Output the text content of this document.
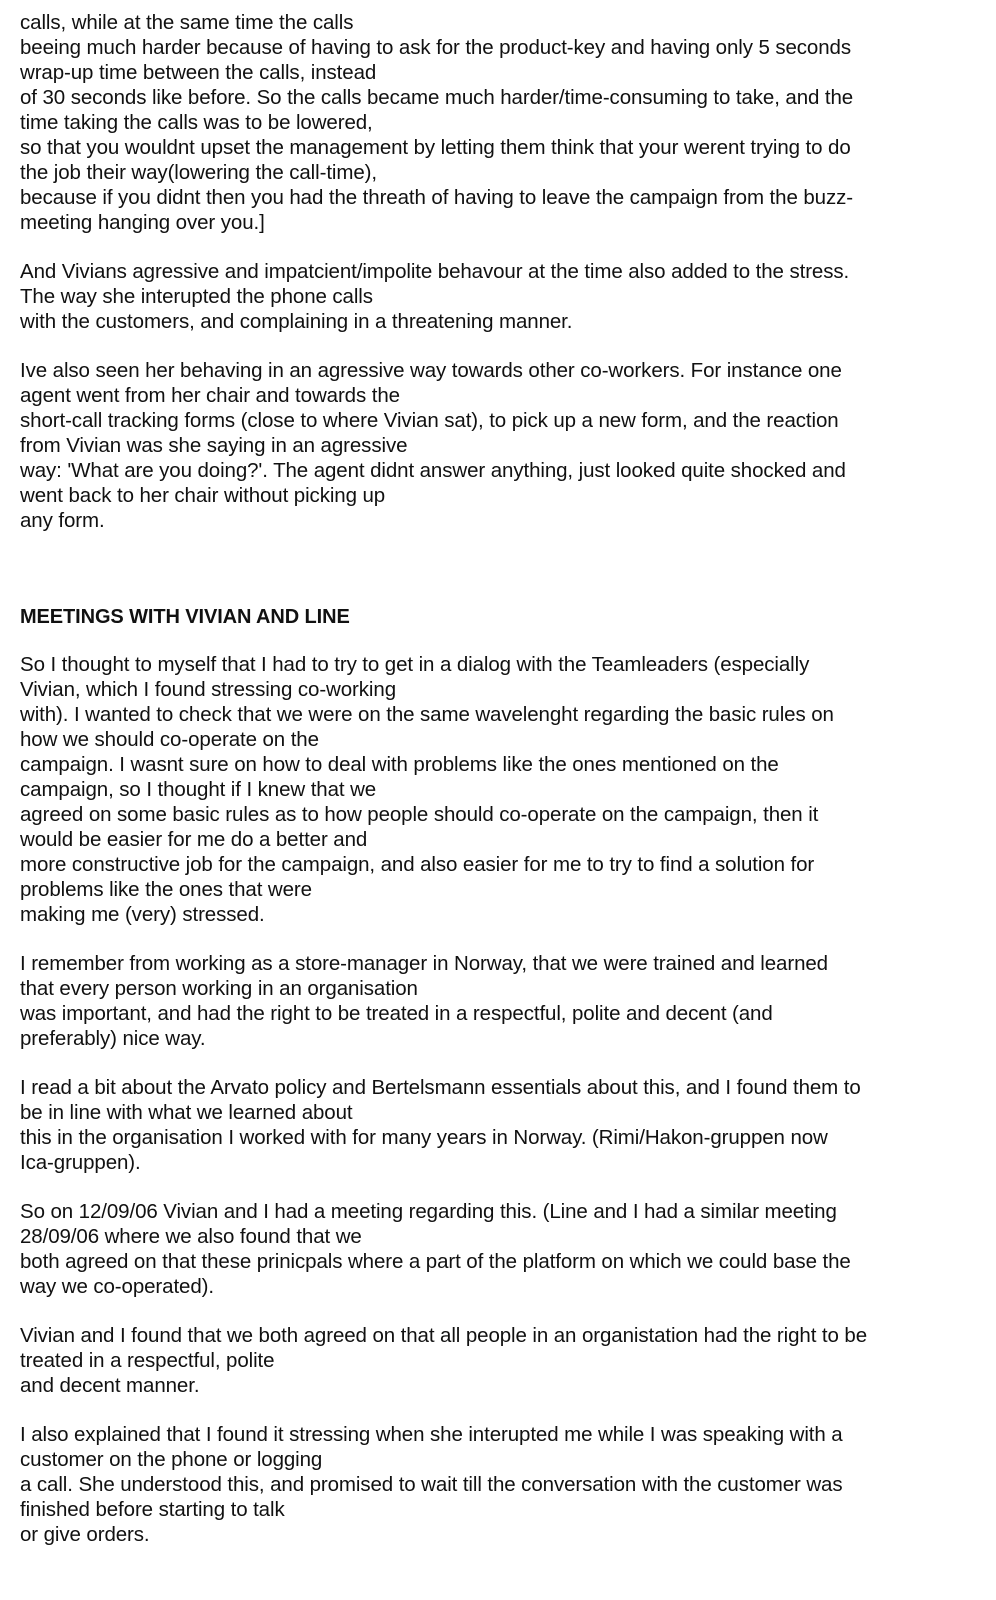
calls, while at the same time the calls
beeing much harder because of having to ask for the product-key and having only 5 seconds
wrap-up time between the calls, instead
of 30 seconds like before. So the calls became much harder/time-consuming to take, and the
time taking the calls was to be lowered,
so that you wouldnt upset the management by letting them think that your werent trying to do
the job their way(lowering the call-time),
because if you didnt then you had the threath of having to leave the campaign from the buzz-
meeting hanging over you.]
And Vivians agressive and impatcient/impolite behavour at the time also added to the stress.
The way she interupted the phone calls
with the customers, and complaining in a threatening manner.
Ive also seen her behaving in an agressive way towards other co-workers. For instance one
agent went from her chair and towards the
short-call tracking forms (close to where Vivian sat), to pick up a new form, and the reaction
from Vivian was she saying in an agressive
way: 'What are you doing?'. The agent didnt answer anything, just looked quite shocked and
went back to her chair without picking up
any form.
MEETINGS WITH VIVIAN AND LINE
So I thought to myself that I had to try to get in a dialog with the Teamleaders (especially
Vivian, which I found stressing co-working
with). I wanted to check that we were on the same wavelenght regarding the basic rules on
how we should co-operate on the
campaign. I wasnt sure on how to deal with problems like the ones mentioned on the
campaign, so I thought if I knew that we
agreed on some basic rules as to how people should co-operate on the campaign, then it
would be easier for me do a better and
more constructive job for the campaign, and also easier for me to try to find a solution for
problems like the ones that were
making me (very) stressed.
I remember from working as a store-manager in Norway, that we were trained and learned
that every person working in an organisation
was important, and had the right to be treated in a respectful, polite and decent (and
preferably) nice way.
I read a bit about the Arvato policy and Bertelsmann essentials about this, and I found them to
be in line with what we learned about
this in the organisation I worked with for many years in Norway. (Rimi/Hakon-gruppen now
Ica-gruppen).
So on 12/09/06 Vivian and I had a meeting regarding this. (Line and I had a similar meeting
28/09/06 where we also found that we
both agreed on that these prinicpals where a part of the platform on which we could base the
way we co-operated).
Vivian and I found that we both agreed on that all people in an organistation had the right to be
treated in a respectful, polite
and decent manner.
I also explained that I found it stressing when she interupted me while I was speaking with a
customer on the phone or logging
a call. She understood this, and promised to wait till the conversation with the customer was
finished before starting to talk
or give orders.
